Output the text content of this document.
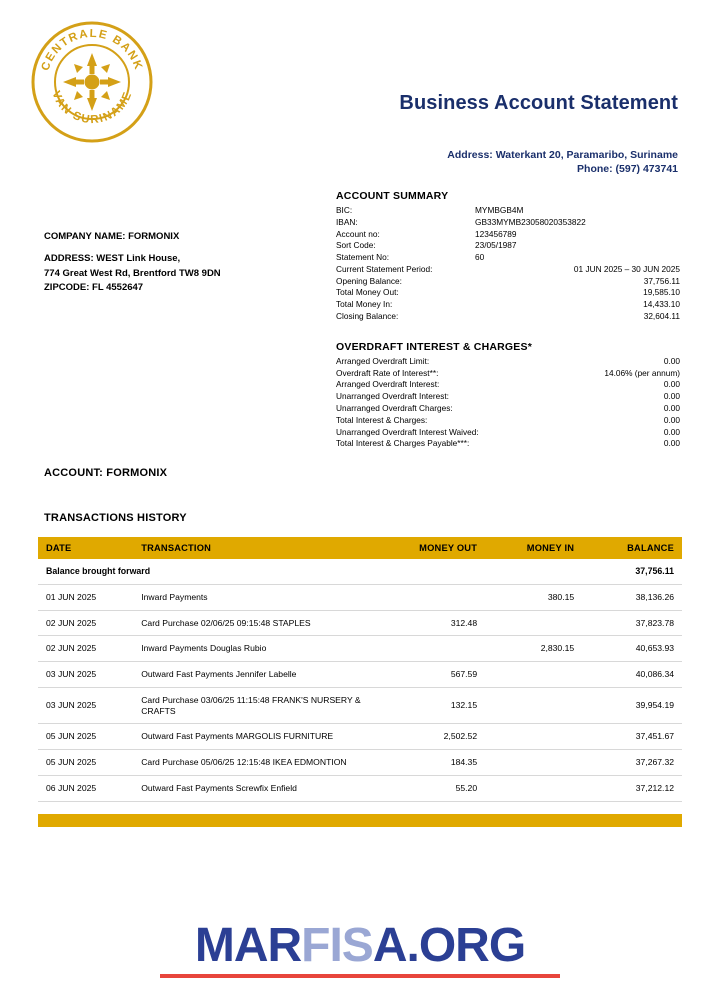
CENTRALE BANK
VAN SURINAME	Business Account Statement
Address: Waterkant 20, Paramaribo, Suriname
Phone: (597) 473741
COMPANY NAME: FORMONIX
ADDRESS: WEST Link House,
774 Great West Rd, Brentford TW8 9DN
ZIPCODE: FL 4552647
ACCOUNT SUMMARY
BIC:	MYMBGB4M
IBAN:	GB33MYMB23058020353822
Account no:	123456789
Sort Code:	23/05/1987
Statement No:	60
Current Statement Period:	01 JUN 2025 – 30 JUN 2025
Opening Balance:	37,756.11
Total Money Out:	19,585.10
Total Money In:	14,433.10
Closing Balance:	32,604.11
OVERDRAFT INTEREST & CHARGES*
Arranged Overdraft Limit:	0.00
Overdraft Rate of Interest**:	14.06% (per annum)
Arranged Overdraft Interest:	0.00
Unarranged Overdraft Interest:	0.00
Unarranged Overdraft Charges:	0.00
Total Interest & Charges:	0.00
Unarranged Overdraft Interest Waived:	0.00
Total Interest & Charges Payable***:	0.00
ACCOUNT: FORMONIX
TRANSACTIONS HISTORY
DATE	TRANSACTION	MONEY OUT	MONEY IN	BALANCE
Balance brought forward				37,756.11
01 JUN 2025	Inward Payments		380.15	38,136.26
02 JUN 2025	Card Purchase 02/06/25 09:15:48 STAPLES	312.48		37,823.78
02 JUN 2025	Inward Payments Douglas Rubio		2,830.15	40,653.93
03 JUN 2025	Outward Fast Payments Jennifer Labelle	567.59		40,086.34
03 JUN 2025	Card Purchase 03/06/25 11:15:48 FRANK'S NURSERY & CRAFTS	132.15		39,954.19
05 JUN 2025	Outward Fast Payments MARGOLIS FURNITURE	2,502.52		37,451.67
05 JUN 2025	Card Purchase 05/06/25 12:15:48 IKEA EDMONTION	184.35		37,267.32
06 JUN 2025	Outward Fast Payments Screwfix Enfield	55.20		37,212.12
MARFISA.ORG
